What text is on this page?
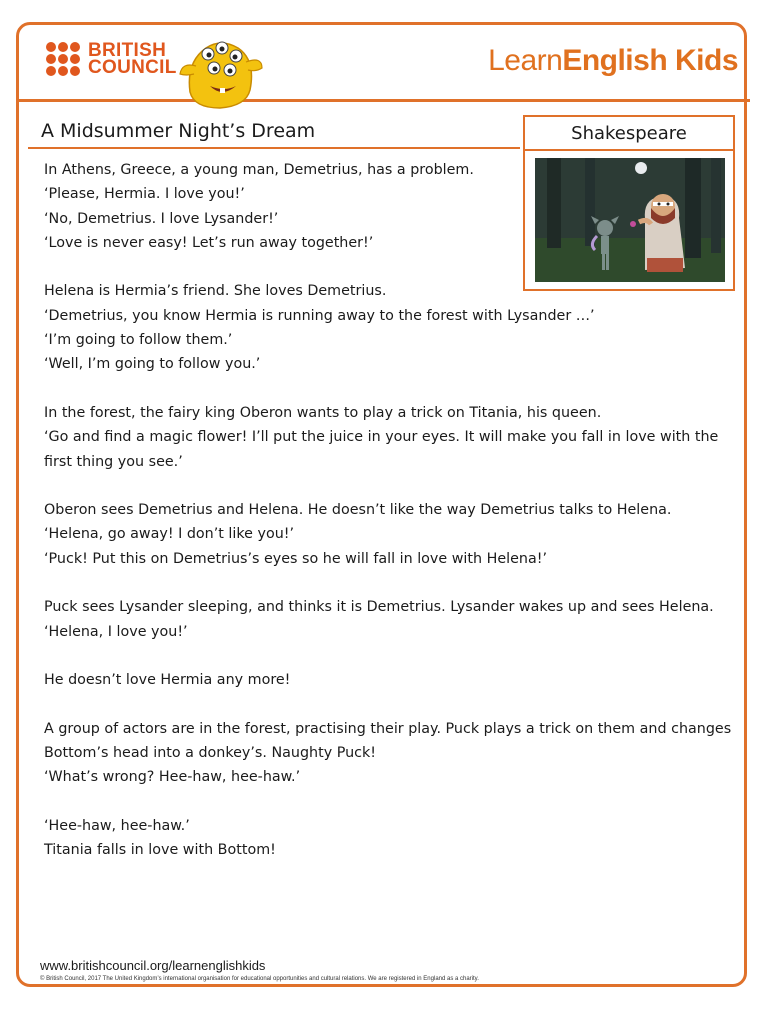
BRITISH
COUNCIL	LearnEnglish Kids
A Midsummer Night’s Dream	Shakespeare

In Athens, Greece, a young man, Demetrius, has a problem.
‘Please, Hermia. I love you!’
‘No, Demetrius. I love Lysander!’
‘Love is never easy! Let’s run away together!’

Helena is Hermia’s friend. She loves Demetrius.
‘Demetrius, you know Hermia is running away to the forest with Lysander …’
‘I’m going to follow them.’
‘Well, I’m going to follow you.’

In the forest, the fairy king Oberon wants to play a trick on Titania, his queen.
‘Go and find a magic flower! I’ll put the juice in your eyes. It will make you fall in love with the first thing you see.’

Oberon sees Demetrius and Helena. He doesn’t like the way Demetrius talks to Helena.
‘Helena, go away! I don’t like you!’
‘Puck! Put this on Demetrius’s eyes so he will fall in love with Helena!’

Puck sees Lysander sleeping, and thinks it is Demetrius. Lysander wakes up and sees Helena.
‘Helena, I love you!’

He doesn’t love Hermia any more!

A group of actors are in the forest, practising their play. Puck plays a trick on them and changes Bottom’s head into a donkey’s. Naughty Puck!
‘What’s wrong? Hee-haw, hee-haw.’

‘Hee-haw, hee-haw.’
Titania falls in love with Bottom!

www.britishcouncil.org/learnenglishkids
© British Council, 2017 The United Kingdom’s international organisation for educational opportunities and cultural relations. We are registered in England as a charity.
